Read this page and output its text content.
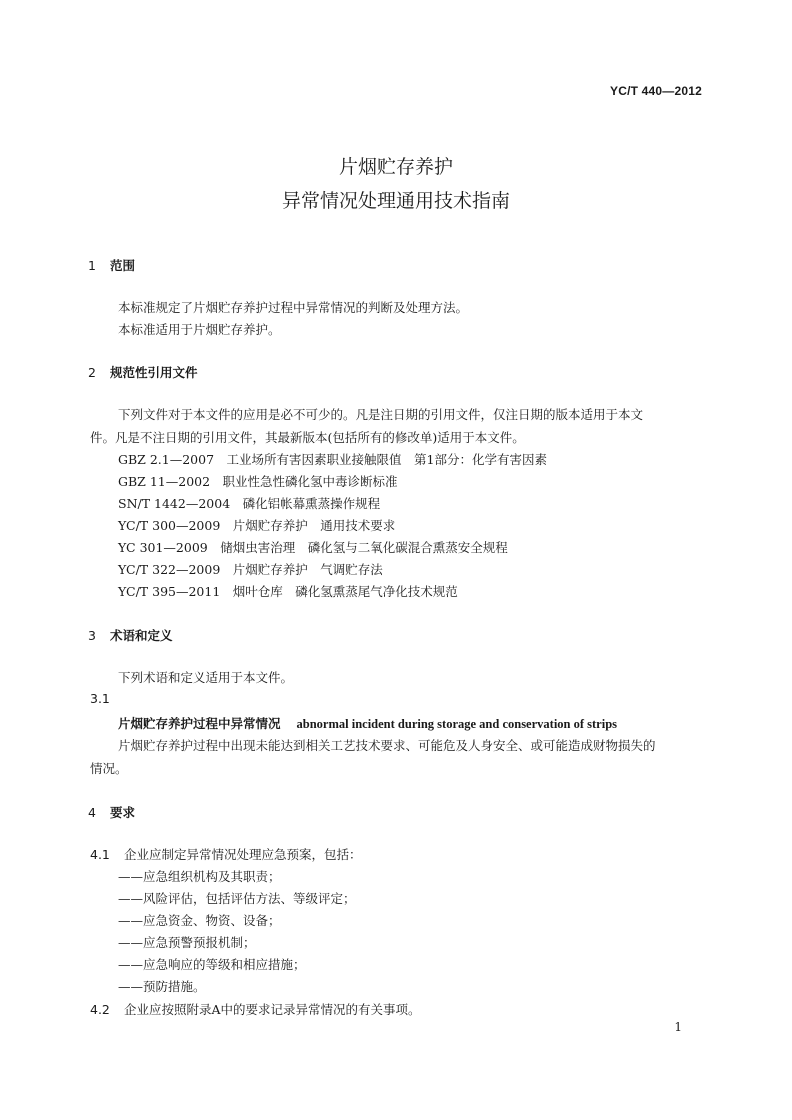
YC/T 440—2012
片烟贮存养护
异常情况处理通用技术指南
1 范围
本标准规定了片烟贮存养护过程中异常情况的判断及处理方法。
本标准适用于片烟贮存养护。
2 规范性引用文件
下列文件对于本文件的应用是必不可少的。凡是注日期的引用文件，仅注日期的版本适用于本文
件。凡是不注日期的引用文件，其最新版本(包括所有的修改单)适用于本文件。
GBZ 2.1—2007　工业场所有害因素职业接触限值　第1部分：化学有害因素
GBZ 11—2002　职业性急性磷化氢中毒诊断标准
SN/T 1442—2004　磷化铝帐幕熏蒸操作规程
YC/T 300—2009　片烟贮存养护　通用技术要求
YC 301—2009　储烟虫害治理　磷化氢与二氧化碳混合熏蒸安全规程
YC/T 322—2009　片烟贮存养护　气调贮存法
YC/T 395—2011　烟叶仓库　磷化氢熏蒸尾气净化技术规范
3 术语和定义
下列术语和定义适用于本文件。
3.1
片烟贮存养护过程中异常情况 abnormal incident during storage and conservation of strips
片烟贮存养护过程中出现未能达到相关工艺技术要求、可能危及人身安全、或可能造成财物损失的
情况。
4 要求
4.1 企业应制定异常情况处理应急预案，包括：
——应急组织机构及其职责；
——风险评估，包括评估方法、等级评定；
——应急资金、物资、设备；
——应急预警预报机制；
——应急响应的等级和相应措施；
——预防措施。
4.2 企业应按照附录A中的要求记录异常情况的有关事项。
1
